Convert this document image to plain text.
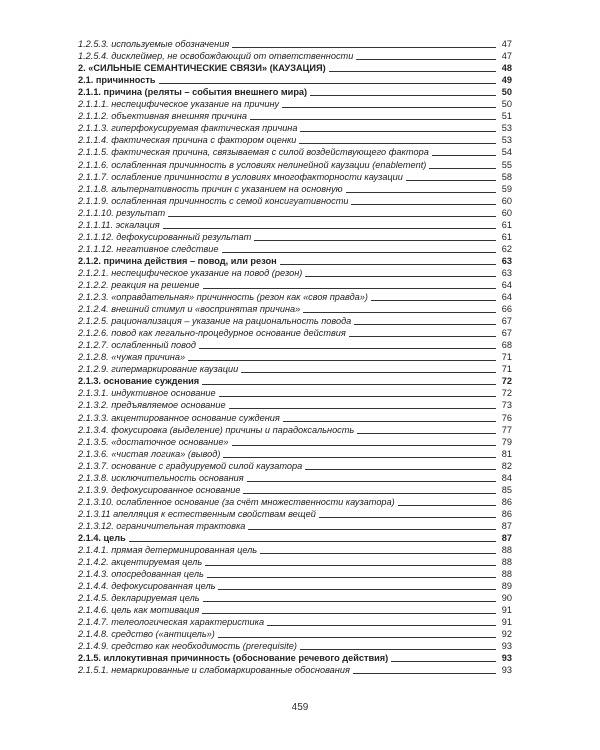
1.2.5.3. используемые обозначения	47
1.2.5.4. дисклеймер, не освобождающий от ответственности	47
2. «СИЛЬНЫЕ СЕМАНТИЧЕСКИЕ СВЯЗИ» (КАУЗАЦИЯ)	48
2.1. причинность	49
2.1.1. причина (реляты – события внешнего мира)	50
2.1.1.1. неспецифическое указание на причину	50
2.1.1.2. объективная внешняя причина	51
2.1.1.3. гиперфокусируемая фактическая причина	53
2.1.1.4. фактическая причина с фактором оценки	53
2.1.1.5. фактическая причина, связываемая с силой воздействующего фактора	54
2.1.1.6. ослабленная причинность в условиях нелинейной каузации (enablement)	55
2.1.1.7. ослабление причинности в условиях многофакторности каузации	58
2.1.1.8. альтернативность причин с указанием на основную	59
2.1.1.9. ослабленная причинность с семой консигуативности	60
2.1.1.10. результат	60
2.1.1.11. эскалация	61
2.1.1.12. дефокусированный результат	61
2.1.1.12. негативное следствие	62
2.1.2. причина действия – повод, или резон	63
2.1.2.1. неспецифическое указание на повод (резон)	63
2.1.2.2. реакция на решение	64
2.1.2.3. «оправдательная» причинность (резон как «своя правда»)	64
2.1.2.4. внешний стимул и «воспринятая причина»	66
2.1.2.5. рационализация – указание на рациональность повода	67
2.1.2.6. повод как легально-процедурное основание действия	67
2.1.2.7. ослабленный повод	68
2.1.2.8. «чужая причина»	71
2.1.2.9. гипермаркирование каузации	71
2.1.3. основание суждения	72
2.1.3.1. индуктивное основание	72
2.1.3.2. предъявляемое основание	73
2.1.3.3. акцентированное основание суждения	76
2.1.3.4. фокусировка (выделение) причины и парадоксальность	77
2.1.3.5. «достаточное основание»	79
2.1.3.6. «чистая логика» (вывод)	81
2.1.3.7. основание с градуируемой силой каузатора	82
2.1.3.8. исключительность основания	84
2.1.3.9. дефокусированное основание	85
2.1.3.10. ослабленное основание (за счёт множественности каузатора)	86
2.1.3.11 апелляция к естественным свойствам вещей	86
2.1.3.12. ограничительная трактовка	87
2.1.4. цель	87
2.1.4.1. прямая детерминированная цель	88
2.1.4.2. акцентируемая цель	88
2.1.4.3. опосредованная цель	88
2.1.4.4. дефокусированная цель	89
2.1.4.5. декларируемая цель	90
2.1.4.6. цель как мотивация	91
2.1.4.7. телеологическая характеристика	91
2.1.4.8. средство («антицель»)	92
2.1.4.9. средство как необходимость (prerequisite)	93
2.1.5. иллокутивная причинность (обоснование речевого действия)	93
2.1.5.1. немаркированные и слабомаркированные обоснования	93
459
